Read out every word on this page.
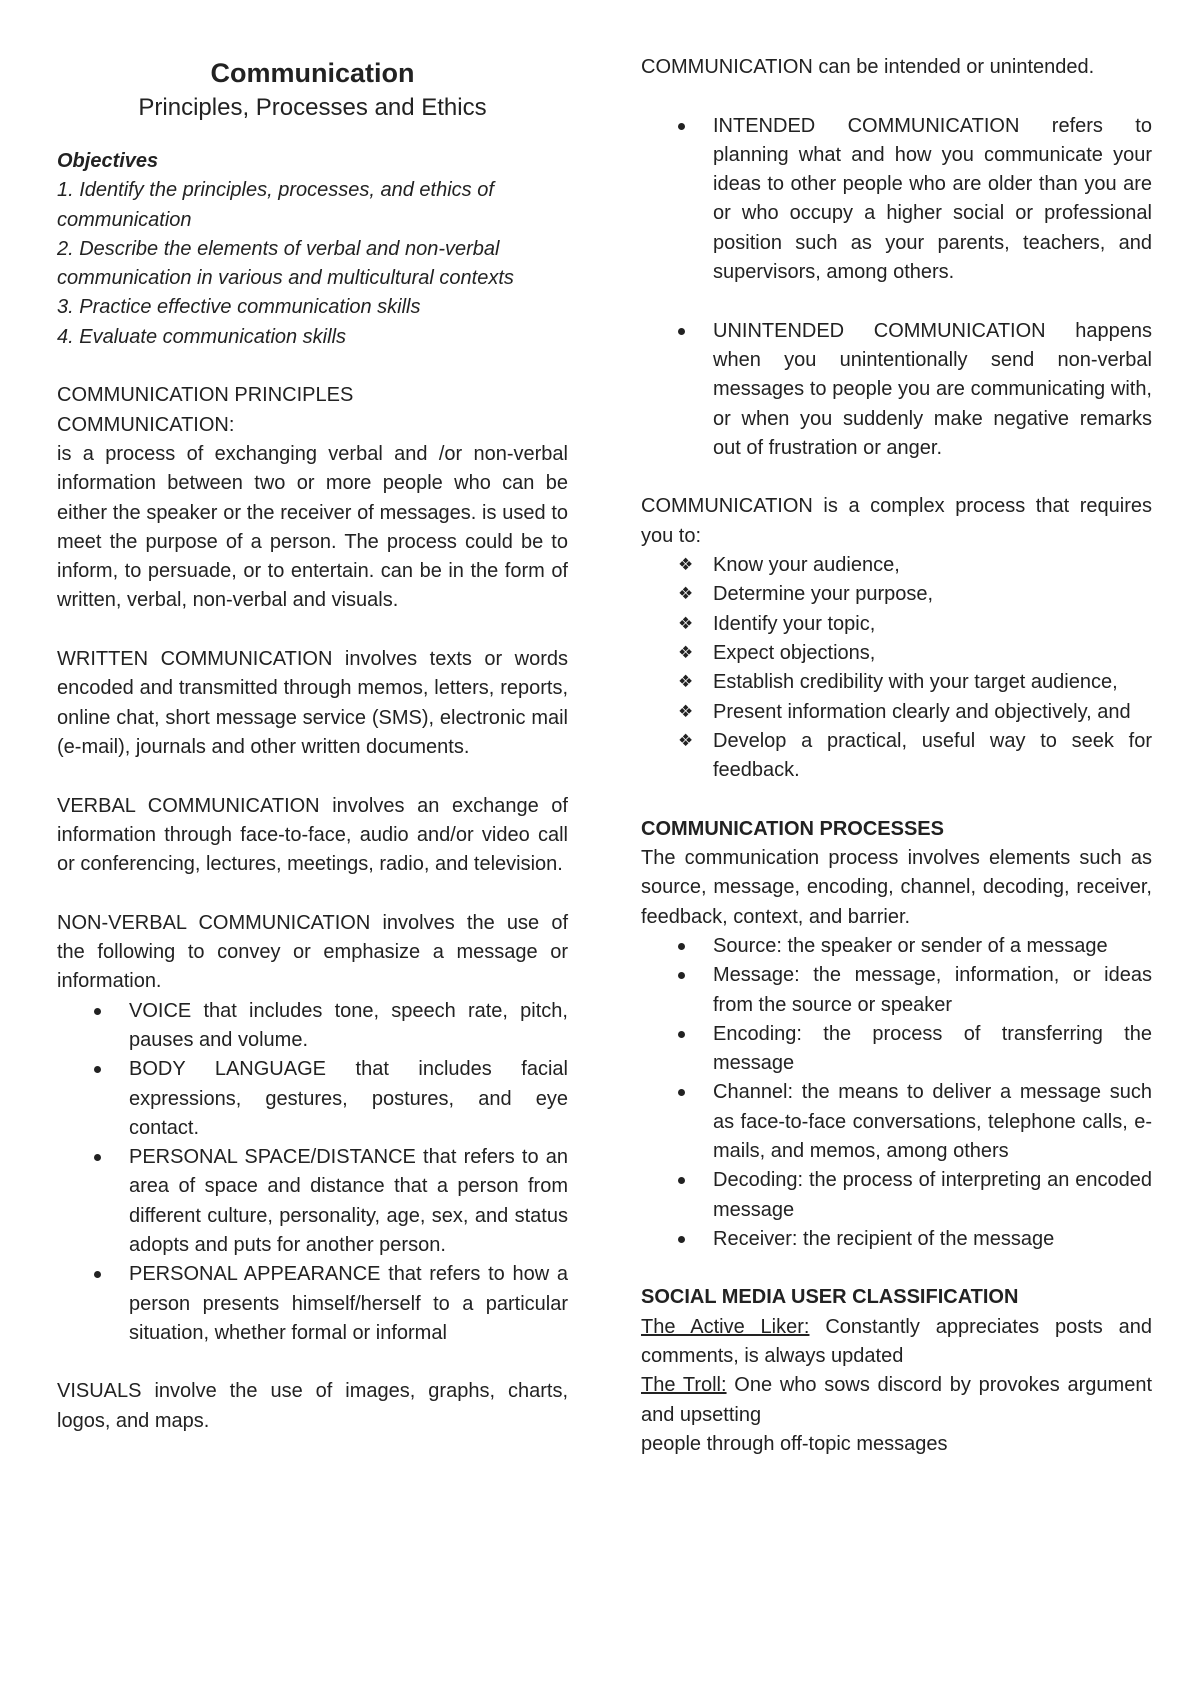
Communication

Principles, Processes and Ethics

Objectives

1. Identify the principles, processes, and ethics of communication

2. Describe the elements of verbal and non-verbal communication in various and multicultural contexts

3. Practice effective communication skills

4. Evaluate communication skills

COMMUNICATION PRINCIPLES

COMMUNICATION:

is a process of exchanging verbal and /or non-verbal information between two or more people who can be either the speaker or the receiver of messages. is used to meet the purpose of a person. The process could be to inform, to persuade, or to entertain. can be in the form of written, verbal, non-verbal and visuals.

WRITTEN COMMUNICATION involves texts or words encoded and transmitted through memos, letters, reports, online chat, short message service (SMS), electronic mail (e-mail), journals and other written documents.

VERBAL COMMUNICATION involves an exchange of information through face-to-face, audio and/or video call or conferencing, lectures, meetings, radio, and television.

NON-VERBAL COMMUNICATION involves the use of the following to convey or emphasize a message or information.

VOICE that includes tone, speech rate, pitch, pauses and volume.
BODY LANGUAGE that includes facial expressions, gestures, postures, and eye contact.
PERSONAL SPACE/DISTANCE that refers to an area of space and distance that a person from different culture, personality, age, sex, and status adopts and puts for another person.
PERSONAL APPEARANCE that refers to how a person presents himself/herself to a particular situation, whether formal or informal

VISUALS involve the use of images, graphs, charts, logos, and maps.

COMMUNICATION can be intended or unintended.

INTENDED COMMUNICATION refers to planning what and how you communicate your ideas to other people who are older than you are or who occupy a higher social or professional position such as your parents, teachers, and supervisors, among others.
UNINTENDED COMMUNICATION happens when you unintentionally send non-verbal messages to people you are communicating with, or when you suddenly make negative remarks out of frustration or anger.

COMMUNICATION is a complex process that requires you to:

❖ Know your audience,
❖ Determine your purpose,
❖ Identify your topic,
❖ Expect objections,
❖ Establish credibility with your target audience,
❖ Present information clearly and objectively, and
❖ Develop a practical, useful way to seek for feedback.

COMMUNICATION PROCESSES

The communication process involves elements such as source, message, encoding, channel, decoding, receiver, feedback, context, and barrier.

Source: the speaker or sender of a message
Message: the message, information, or ideas from the source or speaker
Encoding: the process of transferring the message
Channel: the means to deliver a message such as face-to-face conversations, telephone calls, e-mails, and memos, among others
Decoding: the process of interpreting an encoded message
Receiver: the recipient of the message

SOCIAL MEDIA USER CLASSIFICATION

The Active Liker: Constantly appreciates posts and comments, is always updated

The Troll: One who sows discord by provokes argument and upsetting

people through off-topic messages
